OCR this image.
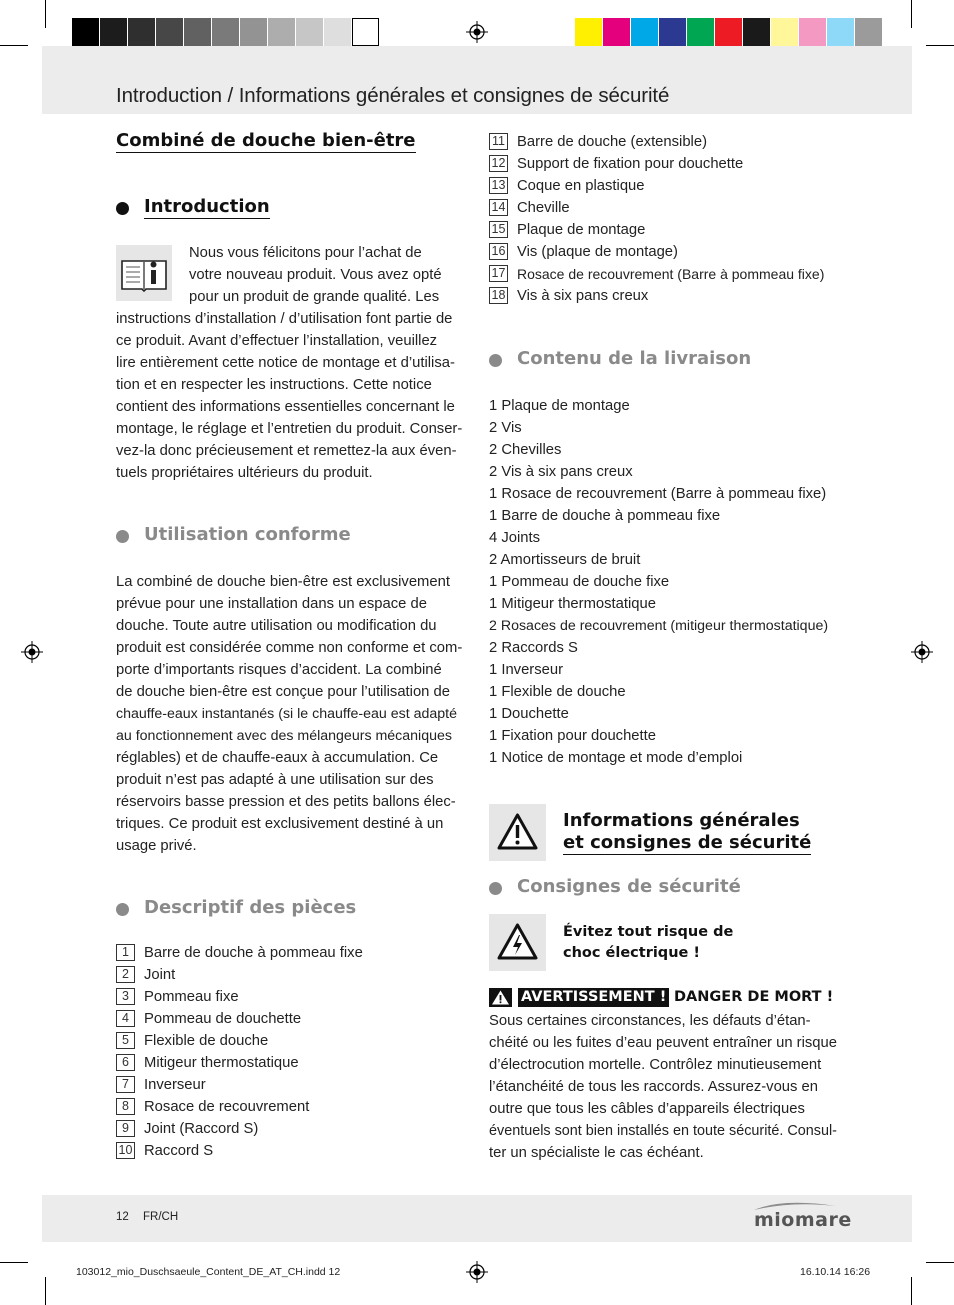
Introduction / Informations générales et consignes de sécurité
Combiné de douche bien-être
Introduction

Nous vous félicitons pour l’achat de

votre nouveau produit. Vous avez opté

pour un produit de grande qualité. Les

instructions d’installation / d’utilisation font partie de

ce produit. Avant d’effectuer l’installation, veuillez

lire entièrement cette notice de montage et d’utilisa-

tion et en respecter les instructions. Cette notice

contient des informations essentielles concernant le

montage, le réglage et l’entretien du produit. Conser-

vez-la donc précieusement et remettez-la aux éven-

tuels propriétaires ultérieurs du produit.

Utilisation conforme

La combiné de douche bien-être est exclusivement

prévue pour une installation dans un espace de

douche. Toute autre utilisation ou modification du

produit est considérée comme non conforme et com-

porte d’importants risques d’accident. La combiné

de douche bien-être est conçue pour l’utilisation de

chauffe-eaux instantanés (si le chauffe-eau est adapté

au fonctionnement avec des mélangeurs mécaniques

réglables) et de chauffe-eaux à accumulation. Ce

produit n’est pas adapté à une utilisation sur des

réservoirs basse pression et des petits ballons élec-

triques. Ce produit est exclusivement destiné à un

usage privé.

Descriptif des pièces
1	Barre de douche à pommeau fixe
2	Joint
3	Pommeau fixe
4	Pommeau de douchette
5	Flexible de douche
6	Mitigeur thermostatique
7	Inverseur
8	Rosace de recouvrement
9	Joint (Raccord S)
10 Raccord S
11 Barre de douche (extensible)
12 Support de fixation pour douchette
13 Coque en plastique
14 Cheville
15 Plaque de montage
16 Vis (plaque de montage)
17 Rosace de recouvrement (Barre à pommeau fixe)
18 Vis à six pans creux
Contenu de la livraison

1 Plaque de montage

2 Vis

2 Chevilles

2 Vis à six pans creux

1 Rosace de recouvrement (Barre à pommeau fixe)

1 Barre de douche à pommeau fixe

4 Joints

2 Amortisseurs de bruit

1 Pommeau de douche fixe

1 Mitigeur thermostatique

2 Rosaces de recouvrement (mitigeur thermostatique)

2 Raccords S

1 Inverseur

1 Flexible de douche

1 Douchette

1 Fixation pour douchette

1 Notice de montage et mode d’emploi

Informations générales
et consignes de sécurité
Consignes de sécurité
Évitez tout risque de
choc électrique !
AVERTISSEMENT ! DANGER DE MORT !

Sous certaines circonstances, les défauts d’étan-

chéité ou les fuites d’eau peuvent entraîner un risque

d’électrocution mortelle. Contrôlez minutieusement

l’étanchéité de tous les raccords. Assurez-vous en

outre que tous les câbles d’appareils électriques

éventuels sont bien installés en toute sécurité. Consul-

ter un spécialiste le cas échéant.

12 FR/CH	miomare
103012_mio_Duschsaeule_Content_DE_AT_CH.indd 12	16.10.14 16:26
